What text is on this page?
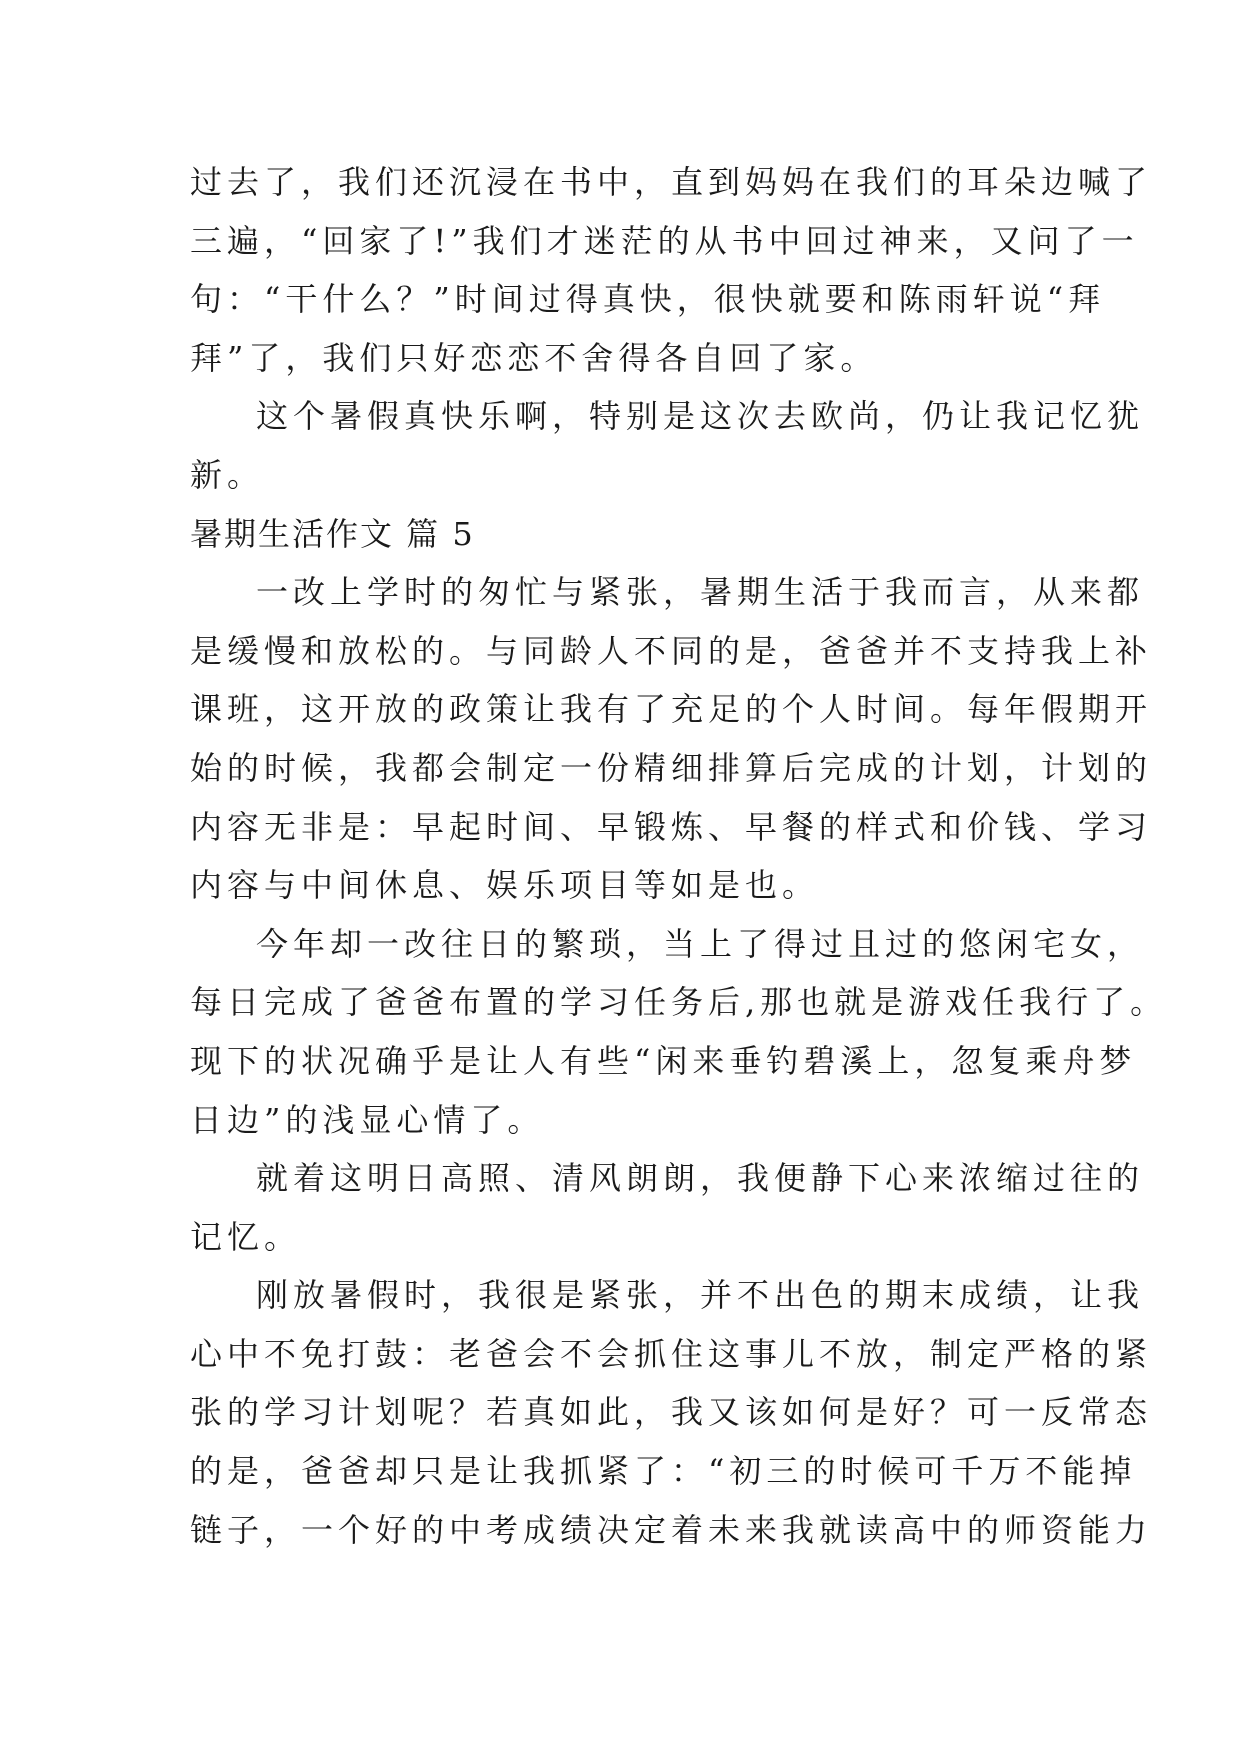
过去了，我们还沉浸在书中，直到妈妈在我们的耳朵边喊了
三遍，“回家了!”我们才迷茫的从书中回过神来，又问了一
句：“干什么？”时间过得真快，很快就要和陈雨轩说“拜
拜”了，我们只好恋恋不舍得各自回了家。
这个暑假真快乐啊，特别是这次去欧尚，仍让我记忆犹
新。
暑期生活作文 篇 5
一改上学时的匆忙与紧张，暑期生活于我而言，从来都
是缓慢和放松的。与同龄人不同的是，爸爸并不支持我上补
课班，这开放的政策让我有了充足的个人时间。每年假期开
始的时候，我都会制定一份精细排算后完成的计划，计划的
内容无非是：早起时间、早锻炼、早餐的样式和价钱、学习
内容与中间休息、娱乐项目等如是也。
今年却一改往日的繁琐，当上了得过且过的悠闲宅女，
每日完成了爸爸布置的学习任务后,那也就是游戏任我行了。
现下的状况确乎是让人有些“闲来垂钓碧溪上，忽复乘舟梦
日边”的浅显心情了。
就着这明日高照、清风朗朗，我便静下心来浓缩过往的
记忆。
刚放暑假时，我很是紧张，并不出色的期末成绩，让我
心中不免打鼓：老爸会不会抓住这事儿不放，制定严格的紧
张的学习计划呢？若真如此，我又该如何是好？可一反常态
的是，爸爸却只是让我抓紧了：“初三的时候可千万不能掉
链子，一个好的中考成绩决定着未来我就读高中的师资能力
